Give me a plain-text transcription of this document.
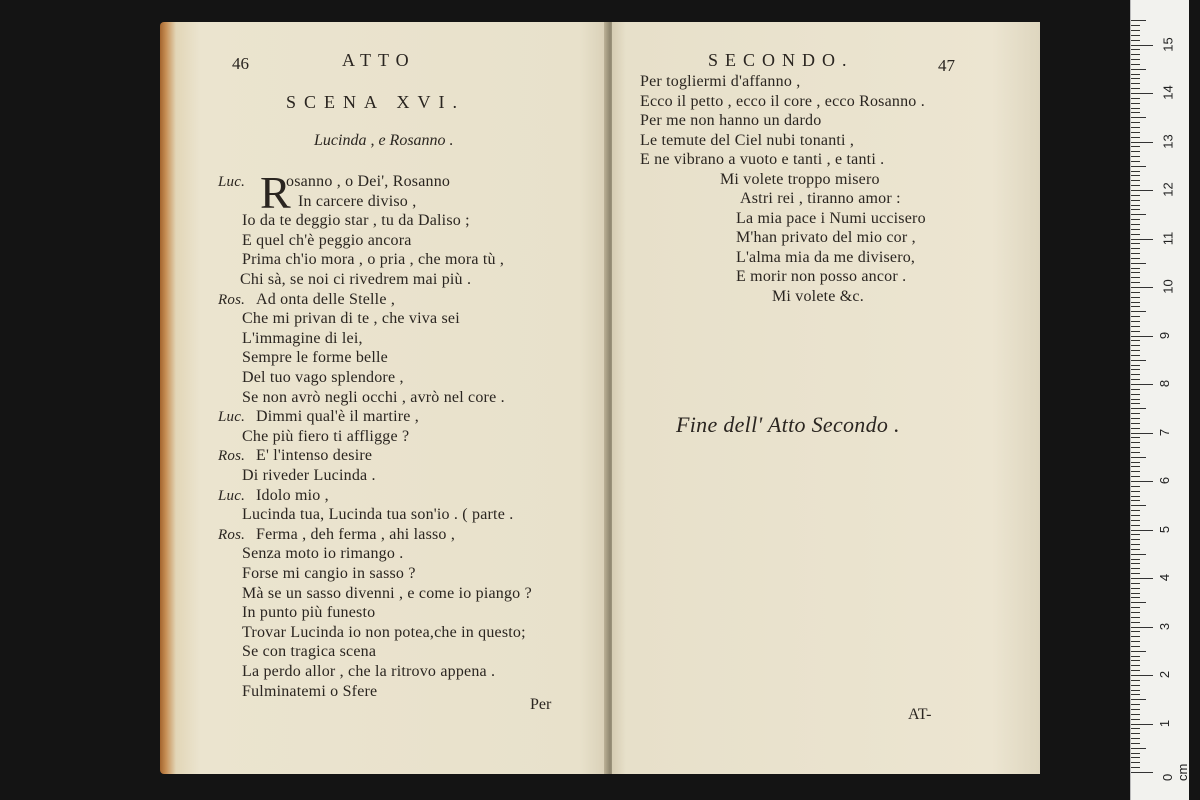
46	ATTO
SCENA XVI.
Lucinda , e Rosanno .
R
Luc.	osanno , o Dei', Rosanno
In carcere diviso ,
Io da te deggio star , tu da Daliso ;
E quel ch'è peggio ancora
Prima ch'io mora , o pria , che mora tù ,
Chi sà, se noi ci rivedrem mai più .
Ros. Ad onta delle Stelle ,
Che mi privan di te , che viva sei
L'immagine di lei,
Sempre le forme belle
Del tuo vago splendore ,
Se non avrò negli occhi , avrò nel core .
Luc. Dimmi qual'è il martire ,
Che più fiero ti affligge ?
Ros. E' l'intenso desire
Di riveder Lucinda .
Luc. Idolo mio ,
Lucinda tua, Lucinda tua son'io . ( parte .
Ros. Ferma , deh ferma , ahi lasso ,
Senza moto io rimango .
Forse mi cangio in sasso ?
Mà se un sasso divenni , e come io piango ?
In punto più funesto
Trovar Lucinda io non potea,che in questo;
Se con tragica scena
La perdo allor , che la ritrovo appena .
Fulminatemi o Sfere
Per
SECONDO.	47
Per togliermi d'affanno ,
Ecco il petto , ecco il core , ecco Rosanno .
Per me non hanno un dardo
Le temute del Ciel nubi tonanti ,
E ne vibrano a vuoto e tanti , e tanti .
Mi volete troppo misero
Astri rei , tiranno amor :
La mia pace i Numi uccisero
M'han privato del mio cor ,
L'alma mia da me divisero,
E morir non posso ancor .
Mi volete &c.
Fine dell' Atto Secondo .
AT-
0 cm
1
2
3
4
5
6
7
8
9
10
11
12
13
14
15
